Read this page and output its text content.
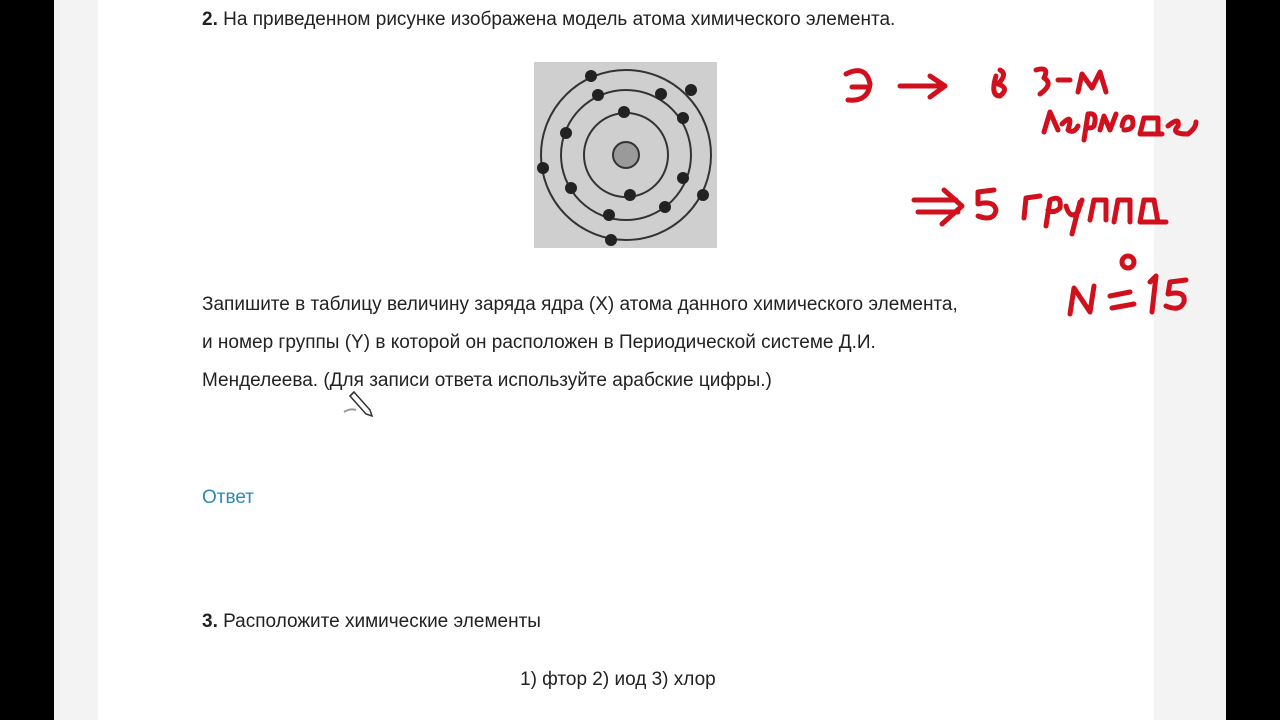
2. На приведенном рисунке изображена модель атома химического элемента.
Запишите в таблицу величину заряда ядра (X) атома данного химического элемента,
и номер группы (Y) в которой он расположен в Периодической системе Д.И.
Менделеева. (Для записи ответа используйте арабские цифры.)
Ответ
3. Расположите химические элементы
1) фтор 2) иод 3) хлор
